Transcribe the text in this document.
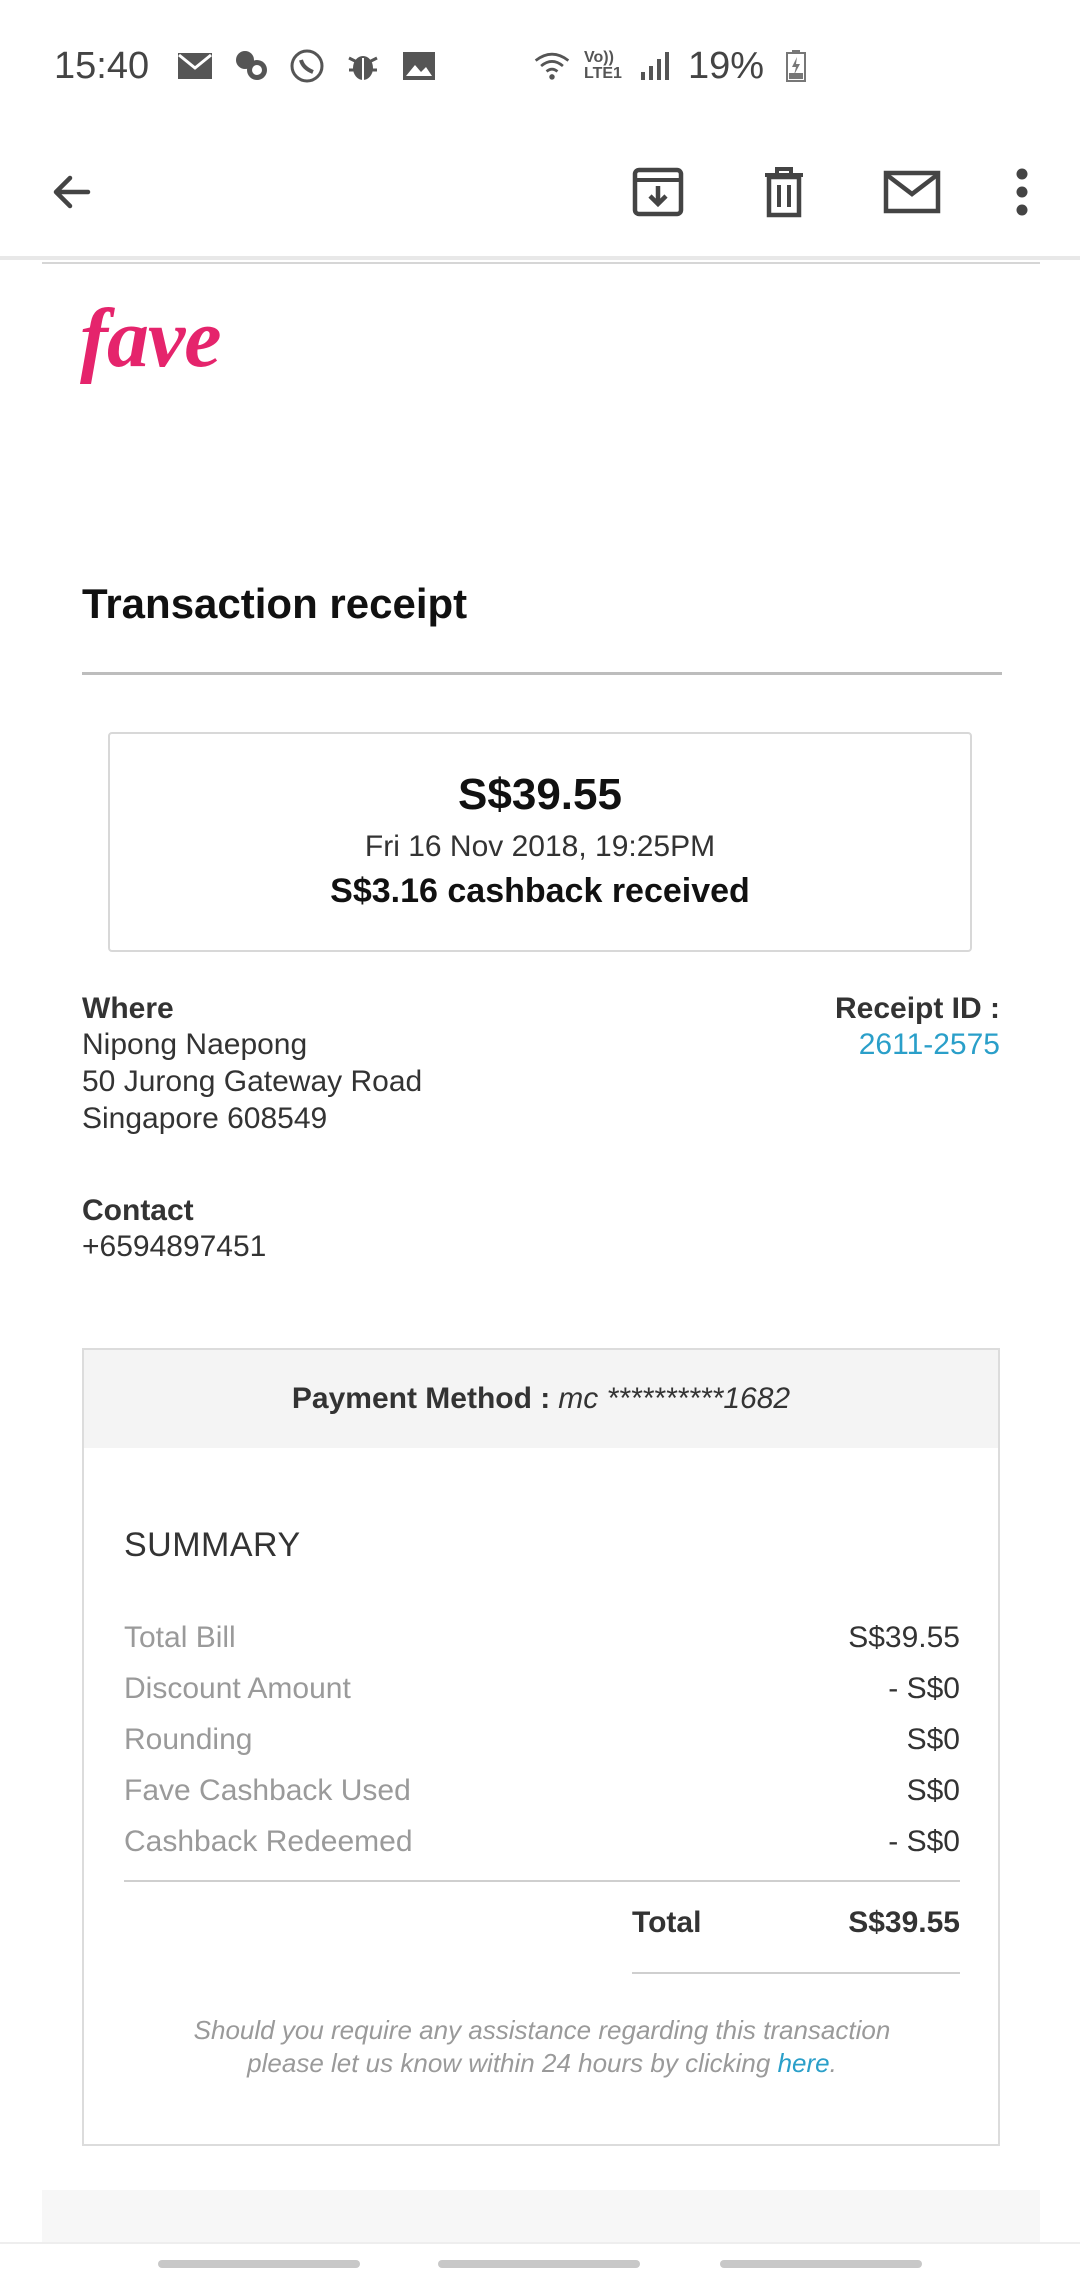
15:40	Vo)) LTE1 19%
fave
Transaction receipt
S$39.55
Fri 16 Nov 2018, 19:25PM
S$3.16 cashback received
Where
Nipong Naepong
50 Jurong Gateway Road
Singapore 608549
Receipt ID :
2611-2575
Contact
+6594897451
Payment Method : mc **********1682
SUMMARY
Total Bill	S$39.55
Discount Amount	- S$0
Rounding	S$0
Fave Cashback Used	S$0
Cashback Redeemed	- S$0
Total	S$39.55
Should you require any assistance regarding this transaction
please let us know within 24 hours by clicking here.
